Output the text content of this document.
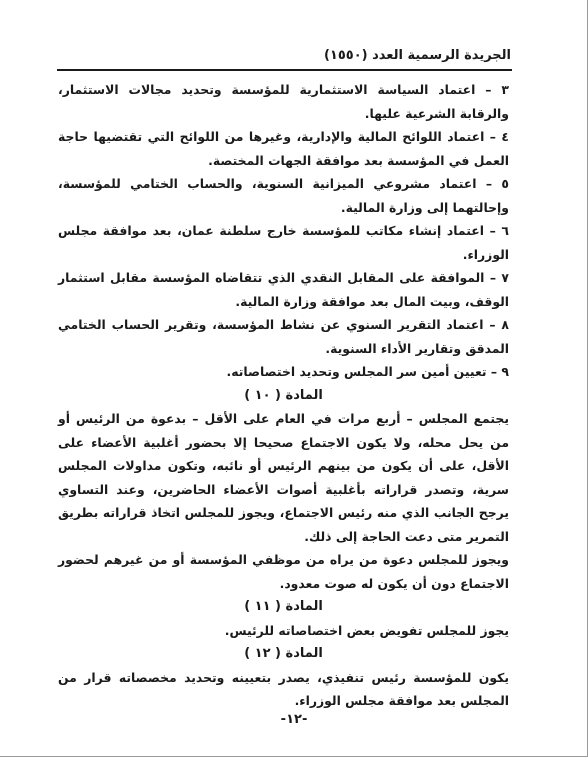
الجريدة الرسمية العدد (١٥٥٠)

٣ – اعتماد السياسة الاستثمارية للمؤسسة وتحديد مجالات الاستثمار، والرقابة الشرعية عليها.

٤ – اعتماد اللوائح المالية والإدارية، وغيرها من اللوائح التي تقتضيها حاجة العمل في المؤسسة بعد موافقة الجهات المختصة.

٥ – اعتماد مشروعي الميزانية السنوية، والحساب الختامي للمؤسسة، وإحالتهما إلى وزارة المالية.

٦ – اعتماد إنشاء مكاتب للمؤسسة خارج سلطنة عمان، بعد موافقة مجلس الوزراء.

٧ – الموافقة على المقابل النقدي الذي تتقاضاه المؤسسة مقابل استثمار الوقف، وبيت المال بعد موافقة وزارة المالية.

٨ – اعتماد التقرير السنوي عن نشاط المؤسسة، وتقرير الحساب الختامي المدقق وتقارير الأداء السنوية.

٩ – تعيين أمين سر المجلس وتحديد اختصاصاته.

المادة ( ١٠ )

يجتمع المجلس – أربع مرات في العام على الأقل – بدعوة من الرئيس أو من يحل محله، ولا يكون الاجتماع صحيحا إلا بحضور أغلبية الأعضاء على الأقل، على أن يكون من بينهم الرئيس أو نائبه، وتكون مداولات المجلس سرية، وتصدر قراراته بأغلبية أصوات الأعضاء الحاضرين، وعند التساوي يرجح الجانب الذي منه رئيس الاجتماع، ويجوز للمجلس اتخاذ قراراته بطريق التمرير متى دعت الحاجة إلى ذلك.

ويجوز للمجلس دعوة من يراه من موظفي المؤسسة أو من غيرهم لحضور الاجتماع دون أن يكون له صوت معدود.

المادة ( ١١ )

يجوز للمجلس تفويض بعض اختصاصاته للرئيس.

المادة ( ١٢ )

يكون للمؤسسة رئيس تنفيذي، يصدر بتعيينه وتحديد مخصصاته قرار من المجلس بعد موافقة مجلس الوزراء.

-١٢-
